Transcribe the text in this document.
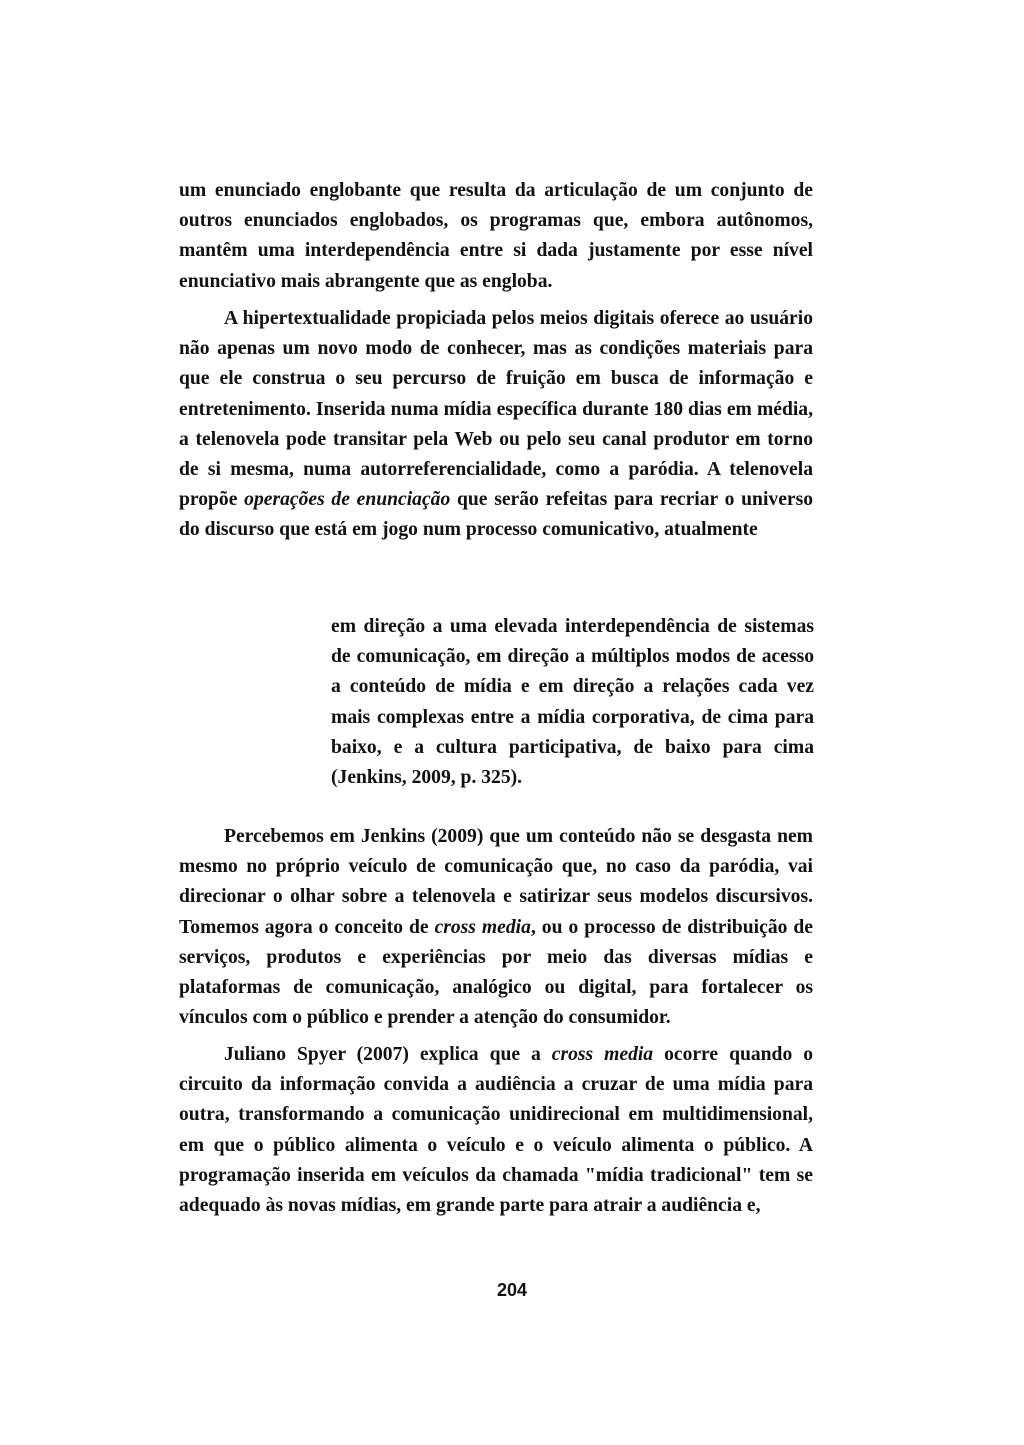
um enunciado englobante que resulta da articulação de um conjunto de outros enunciados englobados, os programas que, embora autônomos, mantêm uma interdependência entre si dada justamente por esse nível enunciativo mais abrangente que as engloba.

A hipertextualidade propiciada pelos meios digitais oferece ao usuário não apenas um novo modo de conhecer, mas as condições materiais para que ele construa o seu percurso de fruição em busca de informação e entretenimento. Inserida numa mídia específica durante 180 dias em média, a telenovela pode transitar pela Web ou pelo seu canal produtor em torno de si mesma, numa autorreferencialidade, como a paródia. A telenovela propõe operações de enunciação que serão refeitas para recriar o universo do discurso que está em jogo num processo comunicativo, atualmente

em direção a uma elevada interdependência de sistemas de comunicação, em direção a múltiplos modos de acesso a conteúdo de mídia e em direção a relações cada vez mais complexas entre a mídia corporativa, de cima para baixo, e a cultura participativa, de baixo para cima (Jenkins, 2009, p. 325).

Percebemos em Jenkins (2009) que um conteúdo não se desgasta nem mesmo no próprio veículo de comunicação que, no caso da paródia, vai direcionar o olhar sobre a telenovela e satirizar seus modelos discursivos. Tomemos agora o conceito de cross media, ou o processo de distribuição de serviços, produtos e experiências por meio das diversas mídias e plataformas de comunicação, analógico ou digital, para fortalecer os vínculos com o público e prender a atenção do consumidor.

Juliano Spyer (2007) explica que a cross media ocorre quando o circuito da informação convida a audiência a cruzar de uma mídia para outra, transformando a comunicação unidirecional em multidimensional, em que o público alimenta o veículo e o veículo alimenta o público. A programação inserida em veículos da chamada "mídia tradicional" tem se adequado às novas mídias, em grande parte para atrair a audiência e,

204
